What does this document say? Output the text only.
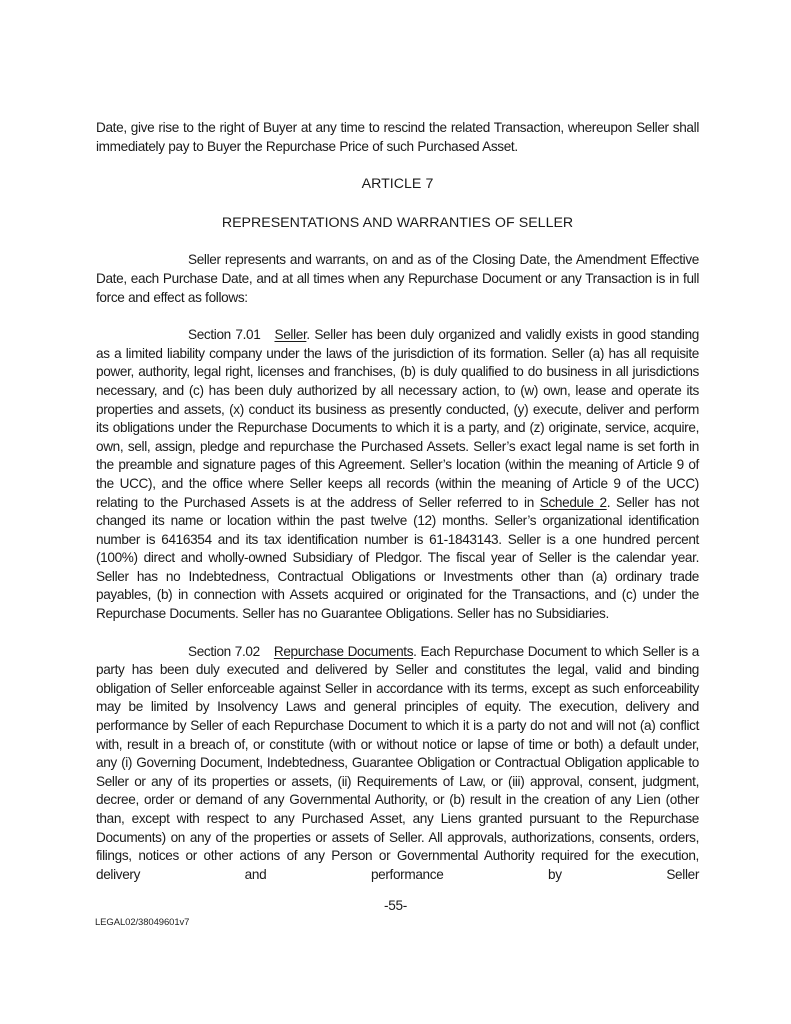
Date, give rise to the right of Buyer at any time to rescind the related Transaction, whereupon Seller shall immediately pay to Buyer the Repurchase Price of such Purchased Asset.

ARTICLE 7

REPRESENTATIONS AND WARRANTIES OF SELLER

Seller represents and warrants, on and as of the Closing Date, the Amendment Effective Date, each Purchase Date, and at all times when any Repurchase Document or any Transaction is in full force and effect as follows:

Section 7.01 Seller. Seller has been duly organized and validly exists in good standing as a limited liability company under the laws of the jurisdiction of its formation. Seller (a) has all requisite power, authority, legal right, licenses and franchises, (b) is duly qualified to do business in all jurisdictions necessary, and (c) has been duly authorized by all necessary action, to (w) own, lease and operate its properties and assets, (x) conduct its business as presently conducted, (y) execute, deliver and perform its obligations under the Repurchase Documents to which it is a party, and (z) originate, service, acquire, own, sell, assign, pledge and repurchase the Purchased Assets. Seller’s exact legal name is set forth in the preamble and signature pages of this Agreement. Seller’s location (within the meaning of Article 9 of the UCC), and the office where Seller keeps all records (within the meaning of Article 9 of the UCC) relating to the Purchased Assets is at the address of Seller referred to in Schedule 2. Seller has not changed its name or location within the past twelve (12) months. Seller’s organizational identification number is 6416354 and its tax identification number is 61-1843143. Seller is a one hundred percent (100%) direct and wholly-owned Subsidiary of Pledgor. The fiscal year of Seller is the calendar year. Seller has no Indebtedness, Contractual Obligations or Investments other than (a) ordinary trade payables, (b) in connection with Assets acquired or originated for the Transactions, and (c) under the Repurchase Documents. Seller has no Guarantee Obligations. Seller has no Subsidiaries.

Section 7.02 Repurchase Documents. Each Repurchase Document to which Seller is a party has been duly executed and delivered by Seller and constitutes the legal, valid and binding obligation of Seller enforceable against Seller in accordance with its terms, except as such enforceability may be limited by Insolvency Laws and general principles of equity. The execution, delivery and performance by Seller of each Repurchase Document to which it is a party do not and will not (a) conflict with, result in a breach of, or constitute (with or without notice or lapse of time or both) a default under, any (i) Governing Document, Indebtedness, Guarantee Obligation or Contractual Obligation applicable to Seller or any of its properties or assets, (ii) Requirements of Law, or (iii) approval, consent, judgment, decree, order or demand of any Governmental Authority, or (b) result in the creation of any Lien (other than, except with respect to any Purchased Asset, any Liens granted pursuant to the Repurchase Documents) on any of the properties or assets of Seller. All approvals, authorizations, consents, orders, filings, notices or other actions of any Person or Governmental Authority required for the execution, delivery and performance by Seller

-55-
LEGAL02/38049601v7
